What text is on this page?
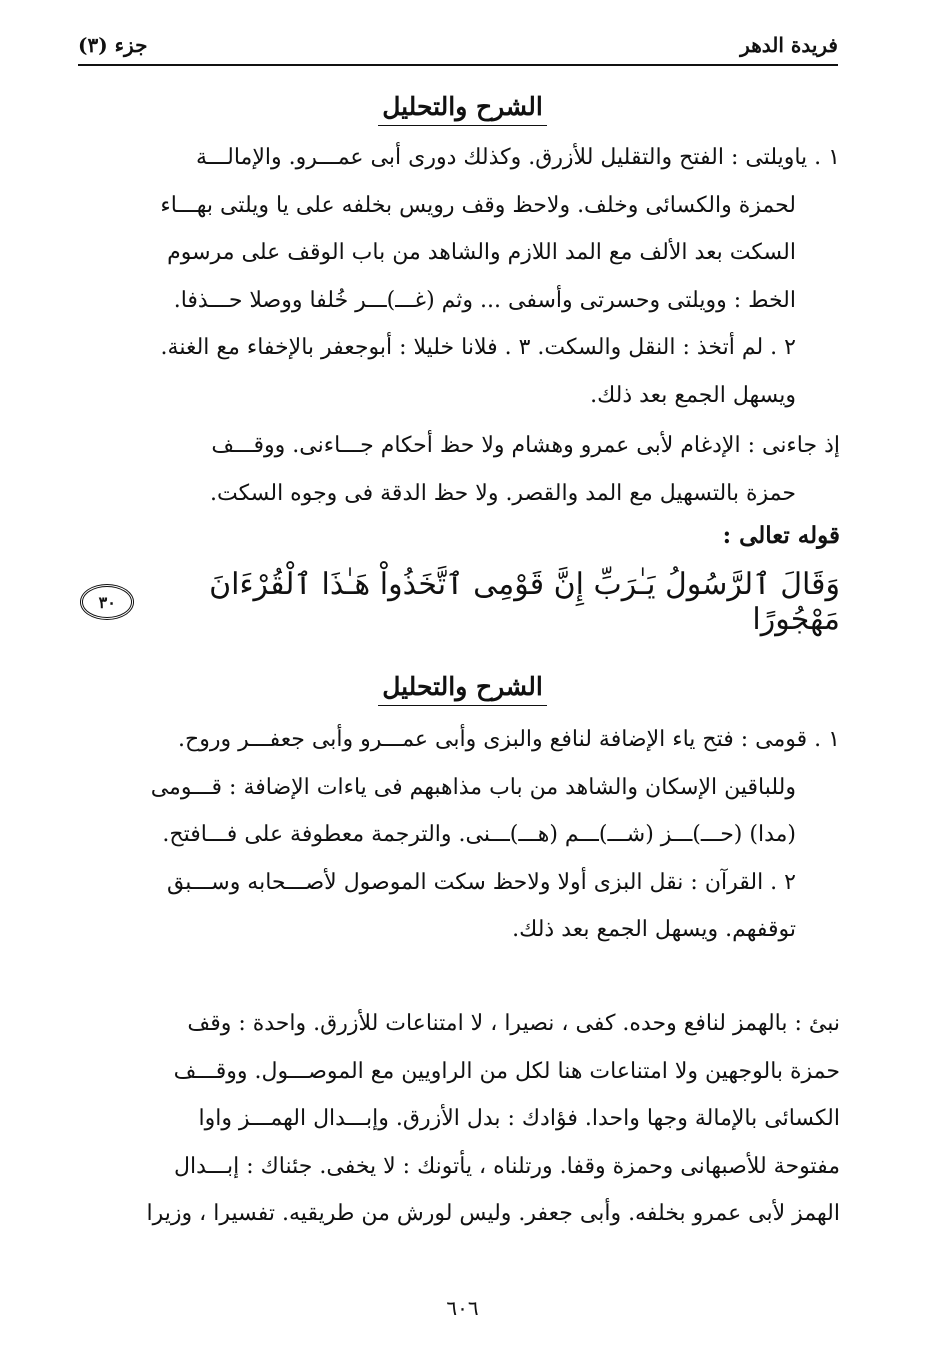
فريدة الدهر
جزء (٣)
الشرح والتحليل
١ . ياويلتى : الفتح والتقليل للأزرق. وكذلك دورى أبى عمـــرو. والإمالـــة
لحمزة والكسائى وخلف. ولاحظ وقف رويس بخلفه على يا ويلتى بهـــاء
السكت بعد الألف مع المد اللازم والشاهد من باب الوقف على مرسوم
الخط : وويلتى وحسرتى وأسفى ... وثم (غـــ)ـــر خُلفا ووصلا حـــذفا.
٢ . لم أتخذ : النقل والسكت. ٣ . فلانا خليلا : أبوجعفر بالإخفاء مع الغنة.
ويسهل الجمع بعد ذلك.
إذ جاءنى : الإدغام لأبى عمرو وهشام ولا حظ أحكام جـــاءنى. ووقـــف
حمزة بالتسهيل مع المد والقصر. ولا حظ الدقة فى وجوه السكت.
قوله تعالى :
وَقَالَ ٱلرَّسُولُ يَـٰرَبِّ إِنَّ قَوْمِى ٱتَّخَذُواْ هَـٰذَا ٱلْقُرْءَانَ مَهْجُورًا
٣٠
الشرح والتحليل
١ . قومى : فتح ياء الإضافة لنافع والبزى وأبى عمـــرو وأبى جعفـــر وروح.
وللباقين الإسكان والشاهد من باب مذاهبهم فى ياءات الإضافة : قـــومى
(مدا) (حـــ)ـــز (شـــ)ـــم (هـــ)ـــنى. والترجمة معطوفة على فـــافتح.
٢ . القرآن : نقل البزى أولا ولاحظ سكت الموصول لأصـــحابه وســـبق
توقفهم. ويسهل الجمع بعد ذلك.
نبئ : بالهمز لنافع وحده. كفى ، نصيرا ، لا امتناعات للأزرق. واحدة : وقف
حمزة بالوجهين ولا امتناعات هنا لكل من الراويين مع الموصـــول. ووقـــف
الكسائى بالإمالة وجها واحدا. فؤادك : بدل الأزرق. وإبـــدال الهمـــز واوا
مفتوحة للأصبهانى وحمزة وقفا. ورتلناه ، يأتونك : لا يخفى. جئناك : إبـــدال
الهمز لأبى عمرو بخلفه. وأبى جعفر. وليس لورش من طريقيه. تفسيرا ، وزيرا
٦٠٦
